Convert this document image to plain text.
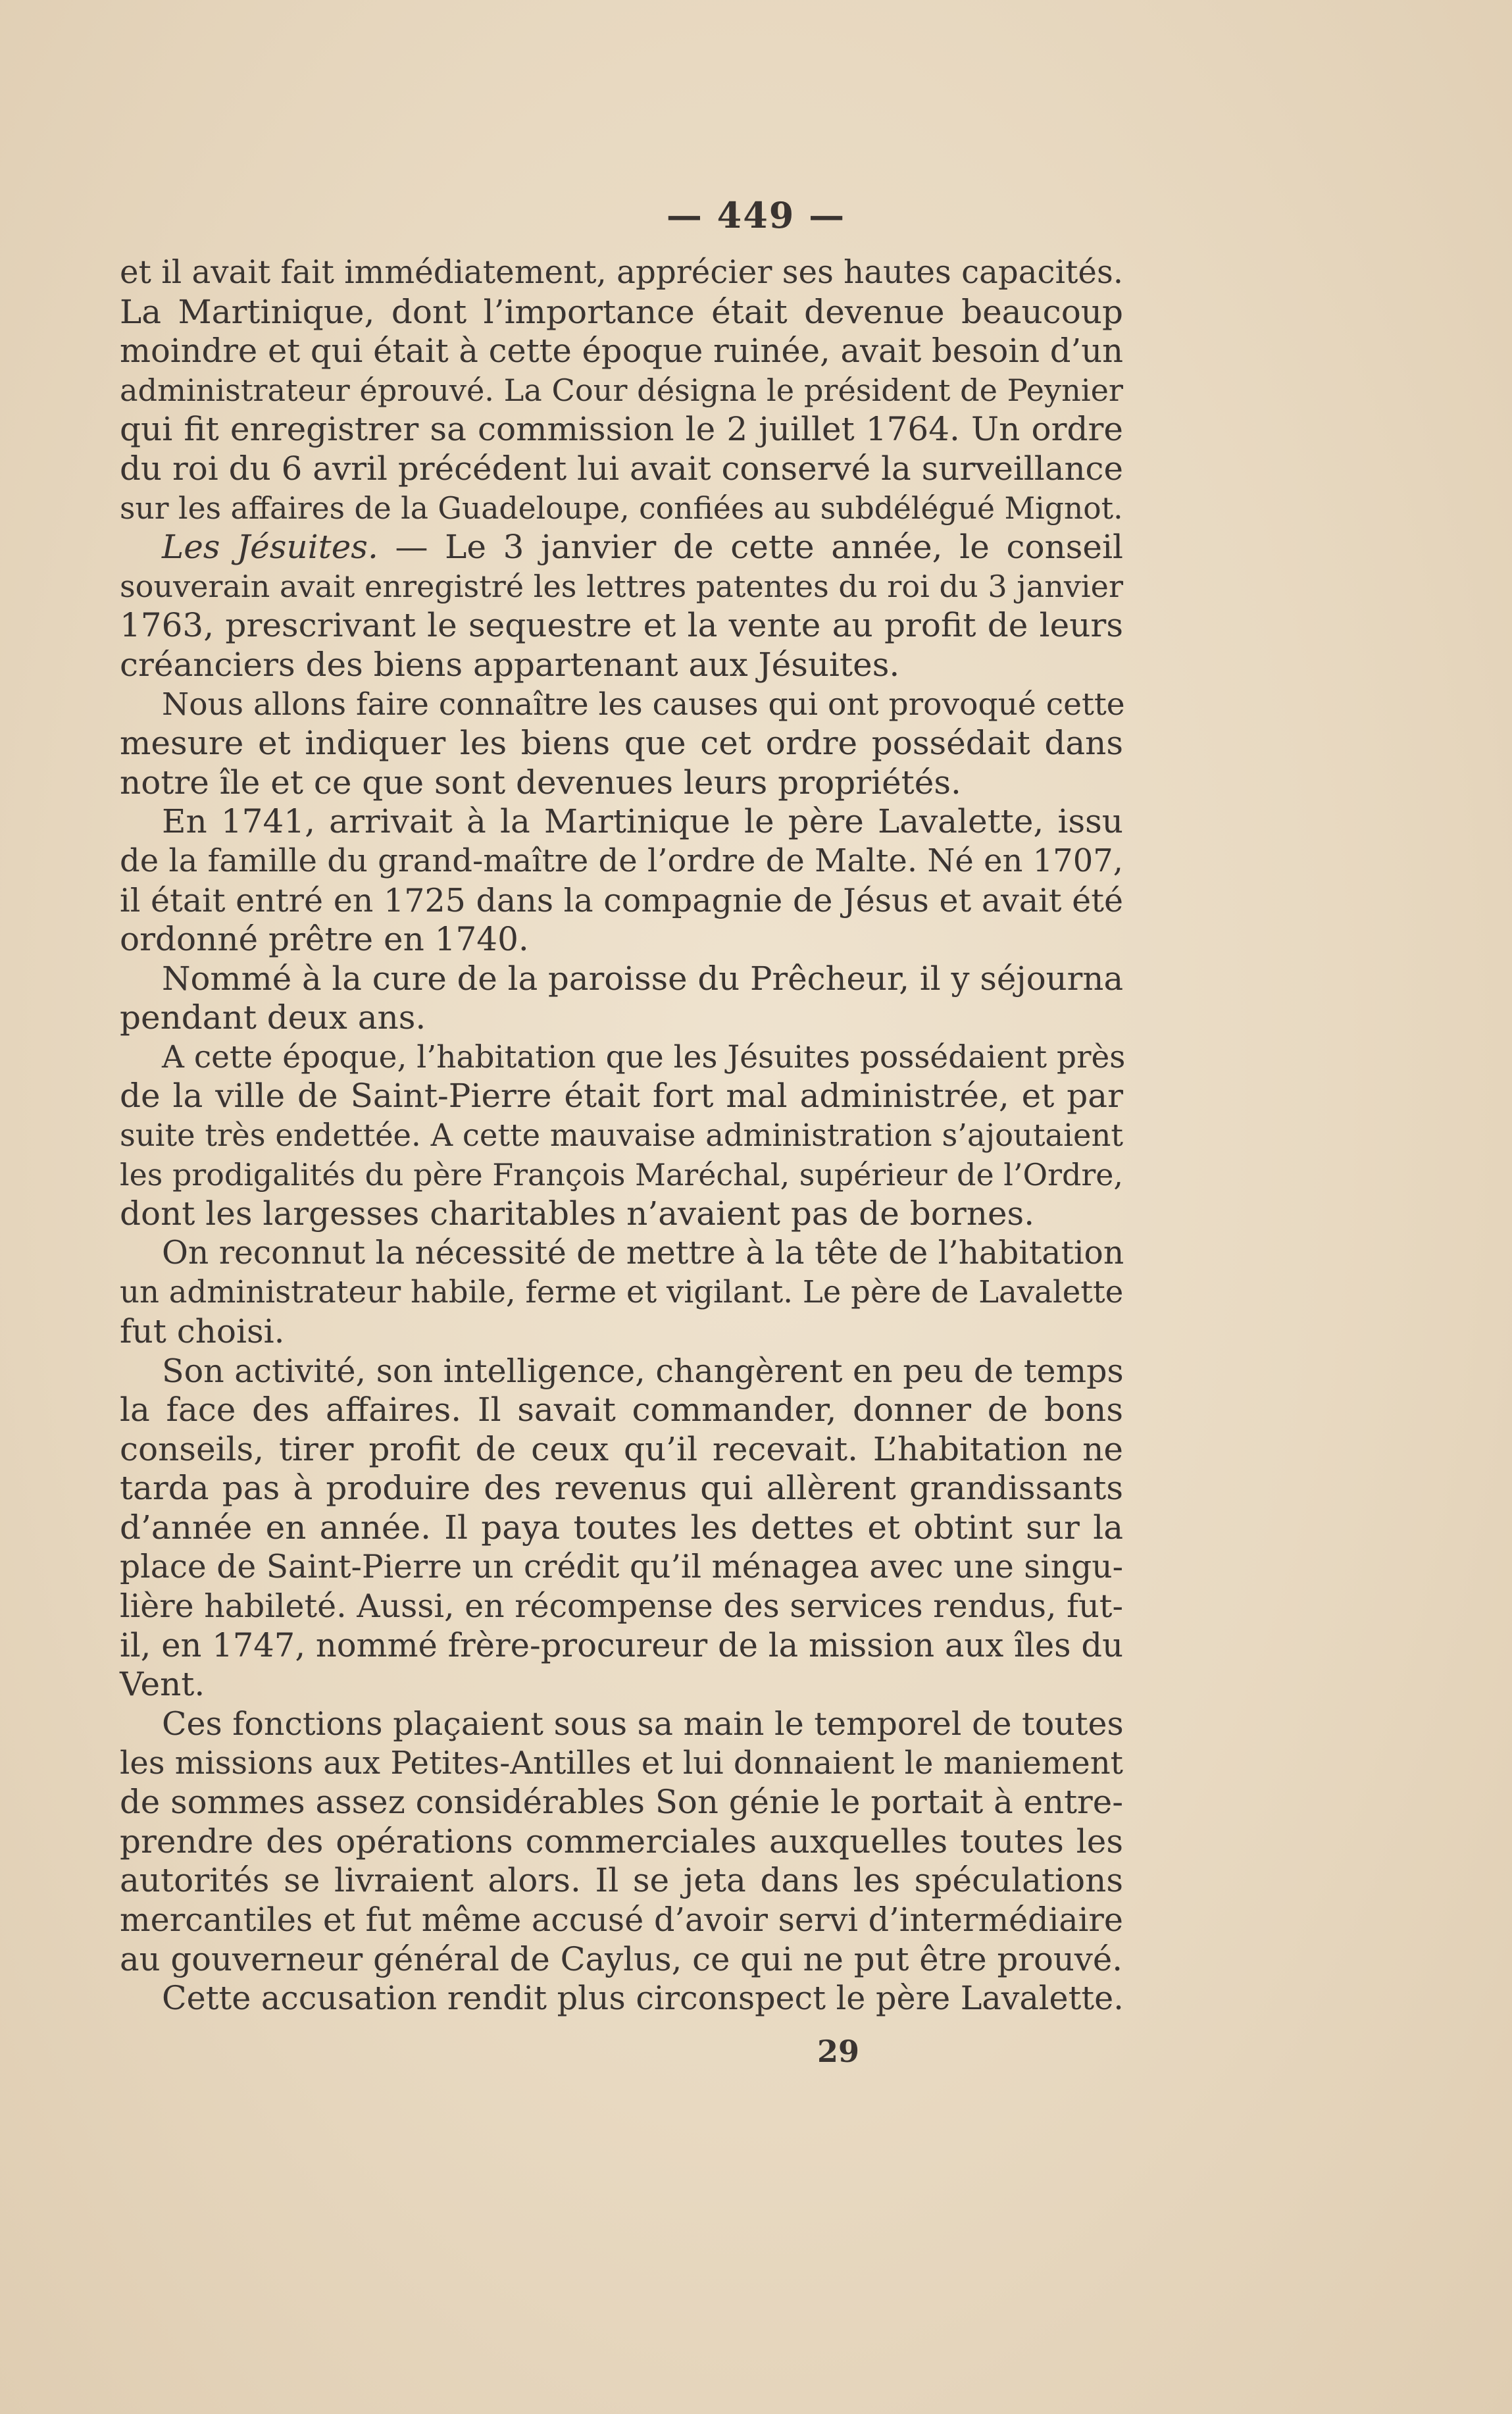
— 449 —
et il avait fait immédiatement, apprécier ses hautes capacités.
La Martinique, dont l’importance était devenue beaucoup
moindre et qui était à cette époque ruinée, avait besoin d’un
administrateur éprouvé. La Cour désigna le président de Peynier
qui fit enregistrer sa commission le 2 juillet 1764. Un ordre
du roi du 6 avril précédent lui avait conservé la surveillance
sur les affaires de la Guadeloupe, confiées au subdélégué Mignot.
Les Jésuites. — Le 3 janvier de cette année, le conseil
souverain avait enregistré les lettres patentes du roi du 3 janvier
1763, prescrivant le sequestre et la vente au profit de leurs
créanciers des biens appartenant aux Jésuites.
Nous allons faire connaître les causes qui ont provoqué cette
mesure et indiquer les biens que cet ordre possédait dans
notre île et ce que sont devenues leurs propriétés.
En 1741, arrivait à la Martinique le père Lavalette, issu
de la famille du grand-maître de l’ordre de Malte. Né en 1707,
il était entré en 1725 dans la compagnie de Jésus et avait été
ordonné prêtre en 1740.
Nommé à la cure de la paroisse du Prêcheur, il y séjourna
pendant deux ans.
A cette époque, l’habitation que les Jésuites possédaient près
de la ville de Saint-Pierre était fort mal administrée, et par
suite très endettée. A cette mauvaise administration s’ajoutaient
les prodigalités du père François Maréchal, supérieur de l’Ordre,
dont les largesses charitables n’avaient pas de bornes.
On reconnut la nécessité de mettre à la tête de l’habitation
un administrateur habile, ferme et vigilant. Le père de Lavalette
fut choisi.
Son activité, son intelligence, changèrent en peu de temps
la face des affaires. Il savait commander, donner de bons
conseils, tirer profit de ceux qu’il recevait. L’habitation ne
tarda pas à produire des revenus qui allèrent grandissants
d’année en année. Il paya toutes les dettes et obtint sur la
place de Saint-Pierre un crédit qu’il ménagea avec une singu-
lière habileté. Aussi, en récompense des services rendus, fut-
il, en 1747, nommé frère-procureur de la mission aux îles du
Vent.
Ces fonctions plaçaient sous sa main le temporel de toutes
les missions aux Petites-Antilles et lui donnaient le maniement
de sommes assez considérables Son génie le portait à entre-
prendre des opérations commerciales auxquelles toutes les
autorités se livraient alors. Il se jeta dans les spéculations
mercantiles et fut même accusé d’avoir servi d’intermédiaire
au gouverneur général de Caylus, ce qui ne put être prouvé.
Cette accusation rendit plus circonspect le père Lavalette.
29
